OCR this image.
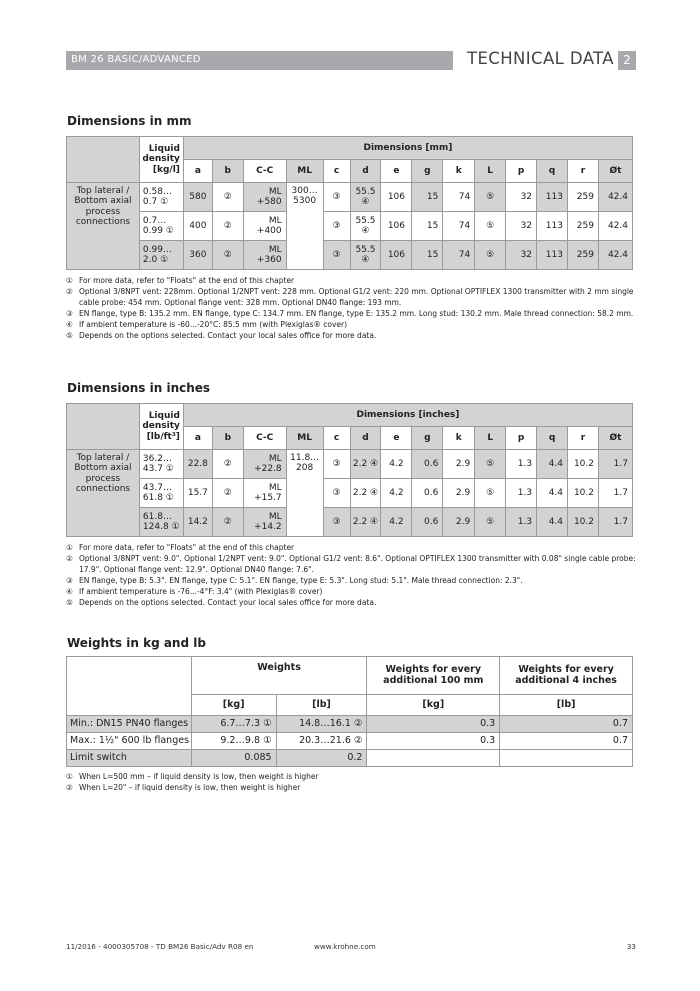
BM 26 BASIC/ADVANCED	TECHNICAL DATA 2
Dimensions in mm
	Liquid density [kg/l]	Dimensions [mm]													
		a	b	C-C	ML	c	d	e	g	k	L	p	q	r	Øt
Top lateral / Bottom axial process connections	0.58… 0.7 ①	580	②	ML +580	300… 5300	③	55.5 ④	106	15	74	⑤	32	113	259	42.4
	0.7… 0.99 ①	400	②	ML +400		③	55.5 ④	106	15	74	⑤	32	113	259	42.4
	0.99… 2.0 ①	360	②	ML +360		③	55.5 ④	106	15	74	⑤	32	113	259	42.4
① For more data, refer to "Floats" at the end of this chapter
② Optional 3/8NPT vent: 228mm. Optional 1/2NPT vent: 228 mm. Optional G1/2 vent: 220 mm. Optional OPTIFLEX 1300 transmitter with 2 mm single cable probe: 454 mm. Optional flange vent: 328 mm. Optional DN40 flange: 193 mm.
③ EN flange, type B: 135.2 mm. EN flange, type C: 134.7 mm. EN flange, type E: 135.2 mm. Long stud: 130.2 mm. Male thread connection: 58.2 mm.
④ If ambient temperature is -60...-20°C: 85.5 mm (with Plexiglas® cover)
⑤ Depends on the options selected. Contact your local sales office for more data.
Dimensions in inches
	Liquid density [lb/ft³]	Dimensions [inches]													
		a	b	C-C	ML	c	d	e	g	k	L	p	q	r	Øt
Top lateral / Bottom axial process connections	36.2… 43.7 ①	22.8	②	ML +22.8	11.8… 208	③	2.2 ④	4.2	0.6	2.9	⑤	1.3	4.4	10.2	1.7
	43.7… 61.8 ①	15.7	②	ML +15.7		③	2.2 ④	4.2	0.6	2.9	⑤	1.3	4.4	10.2	1.7
	61.8… 124.8 ①	14.2	②	ML +14.2		③	2.2 ④	4.2	0.6	2.9	⑤	1.3	4.4	10.2	1.7
① For more data, refer to "Floats" at the end of this chapter
② Optional 3/8NPT vent: 9.0". Optional 1/2NPT vent: 9.0". Optional G1/2 vent: 8.6". Optional OPTIFLEX 1300 transmitter with 0.08" single cable probe: 17.9". Optional flange vent: 12.9". Optional DN40 flange: 7.6".
③ EN flange, type B: 5.3". EN flange, type C: 5.1". EN flange, type E: 5.3". Long stud: 5.1". Male thread connection: 2.3".
④ If ambient temperature is -76...-4°F: 3.4" (with Plexiglas® cover)
⑤ Depends on the options selected. Contact your local sales office for more data.
Weights in kg and lb
	Weights		Weights for every additional 100 mm	Weights for every additional 4 inches
	[kg]	[lb]	[kg]	[lb]
Min.: DN15 PN40 flanges	6.7…7.3 ①	14.8…16.1 ②	0.3	0.7
Max.: 1½" 600 lb flanges	9.2…9.8 ①	20.3…21.6 ②	0.3	0.7
Limit switch	0.085	0.2		
① When L=500 mm – if liquid density is low, then weight is higher
② When L=20" – if liquid density is low, then weight is higher
11/2016 - 4000305708 - TD BM26 Basic/Adv R08 en	www.krohne.com	33
